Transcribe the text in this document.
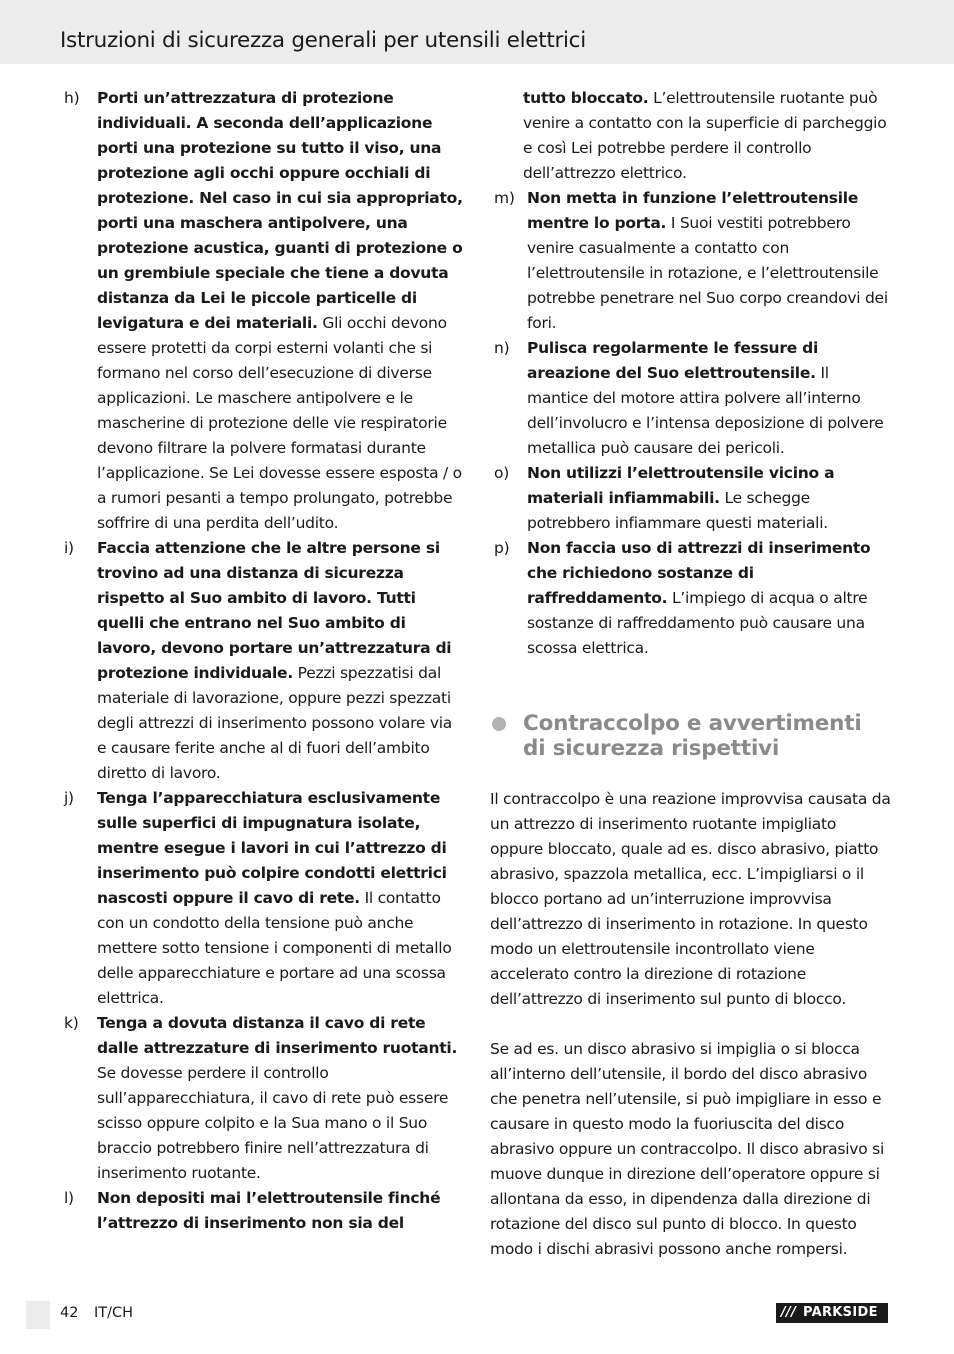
Istruzioni di sicurezza generali per utensili elettrici
h) Porti un’attrezzatura di protezione individuali. A seconda dell’applicazione porti una protezione su tutto il viso, una protezione agli occhi oppure occhiali di protezione. Nel caso in cui sia appropriato, porti una maschera antipolvere, una protezione acustica, guanti di protezione o un grembiule speciale che tiene a dovuta distanza da Lei le piccole particelle di levigatura e dei materiali. Gli occhi devono essere protetti da corpi esterni volanti che si formano nel corso dell’esecuzione di diverse applicazioni. Le maschere antipolvere e le mascherine di protezione delle vie respiratorie devono filtrare la polvere formatasi durante l’applicazione. Se Lei dovesse essere esposta / o a rumori pesanti a tempo prolungato, potrebbe soffrire di una perdita dell’udito.
i) Faccia attenzione che le altre persone si trovino ad una distanza di sicurezza rispetto al Suo ambito di lavoro. Tutti quelli che entrano nel Suo ambito di lavoro, devono portare un’attrezzatura di protezione individuale. Pezzi spezzatisi dal materiale di lavorazione, oppure pezzi spezzati degli attrezzi di inserimento possono volare via e causare ferite anche al di fuori dell’ambito diretto di lavoro.
j) Tenga l’apparecchiatura esclusivamente sulle superfici di impugnatura isolate, mentre esegue i lavori in cui l’attrezzo di inserimento può colpire condotti elettrici nascosti oppure il cavo di rete. Il contatto con un condotto della tensione può anche mettere sotto tensione i componenti di metallo delle apparecchiature e portare ad una scossa elettrica.
k) Tenga a dovuta distanza il cavo di rete dalle attrezzature di inserimento ruotanti. Se dovesse perdere il controllo sull’apparecchiatura, il cavo di rete può essere scisso oppure colpito e la Sua mano o il Suo braccio potrebbero finire nell’attrezzatura di inserimento ruotante.
l) Non depositi mai l’elettroutensile finché l’attrezzo di inserimento non sia del
tutto bloccato. L’elettroutensile ruotante può venire a contatto con la superficie di parcheggio e così Lei potrebbe perdere il controllo dell’attrezzo elettrico.
m) Non metta in funzione l’elettroutensile mentre lo porta. I Suoi vestiti potrebbero venire casualmente a contatto con l’elettroutensile in rotazione, e l’elettroutensile potrebbe penetrare nel Suo corpo creandovi dei fori.
n) Pulisca regolarmente le fessure di areazione del Suo elettroutensile. Il mantice del motore attira polvere all’interno dell’involucro e l’intensa deposizione di polvere metallica può causare dei pericoli.
o) Non utilizzi l’elettroutensile vicino a materiali infiammabili. Le schegge potrebbero infiammare questi materiali.
p) Non faccia uso di attrezzi di inserimento che richiedono sostanze di raffreddamento. L’impiego di acqua o altre sostanze di raffreddamento può causare una scossa elettrica.
Contraccolpo e avvertimenti
di sicurezza rispettivi
Il contraccolpo è una reazione improvvisa causata da un attrezzo di inserimento ruotante impigliato oppure bloccato, quale ad es. disco abrasivo, piatto abrasivo, spazzola metallica, ecc. L’impigliarsi o il blocco portano ad un’interruzione improvvisa dell’attrezzo di inserimento in rotazione. In questo modo un elettroutensile incontrollato viene accelerato contro la direzione di rotazione dell’attrezzo di inserimento sul punto di blocco.
Se ad es. un disco abrasivo si impiglia o si blocca all’interno dell’utensile, il bordo del disco abrasivo che penetra nell’utensile, si può impigliare in esso e causare in questo modo la fuoriuscita del disco abrasivo oppure un contraccolpo. Il disco abrasivo si muove dunque in direzione dell’operatore oppure si allontana da esso, in dipendenza dalla direzione di rotazione del disco sul punto di blocco. In questo modo i dischi abrasivi possono anche rompersi.
42 IT/CH	/// PARKSIDE
